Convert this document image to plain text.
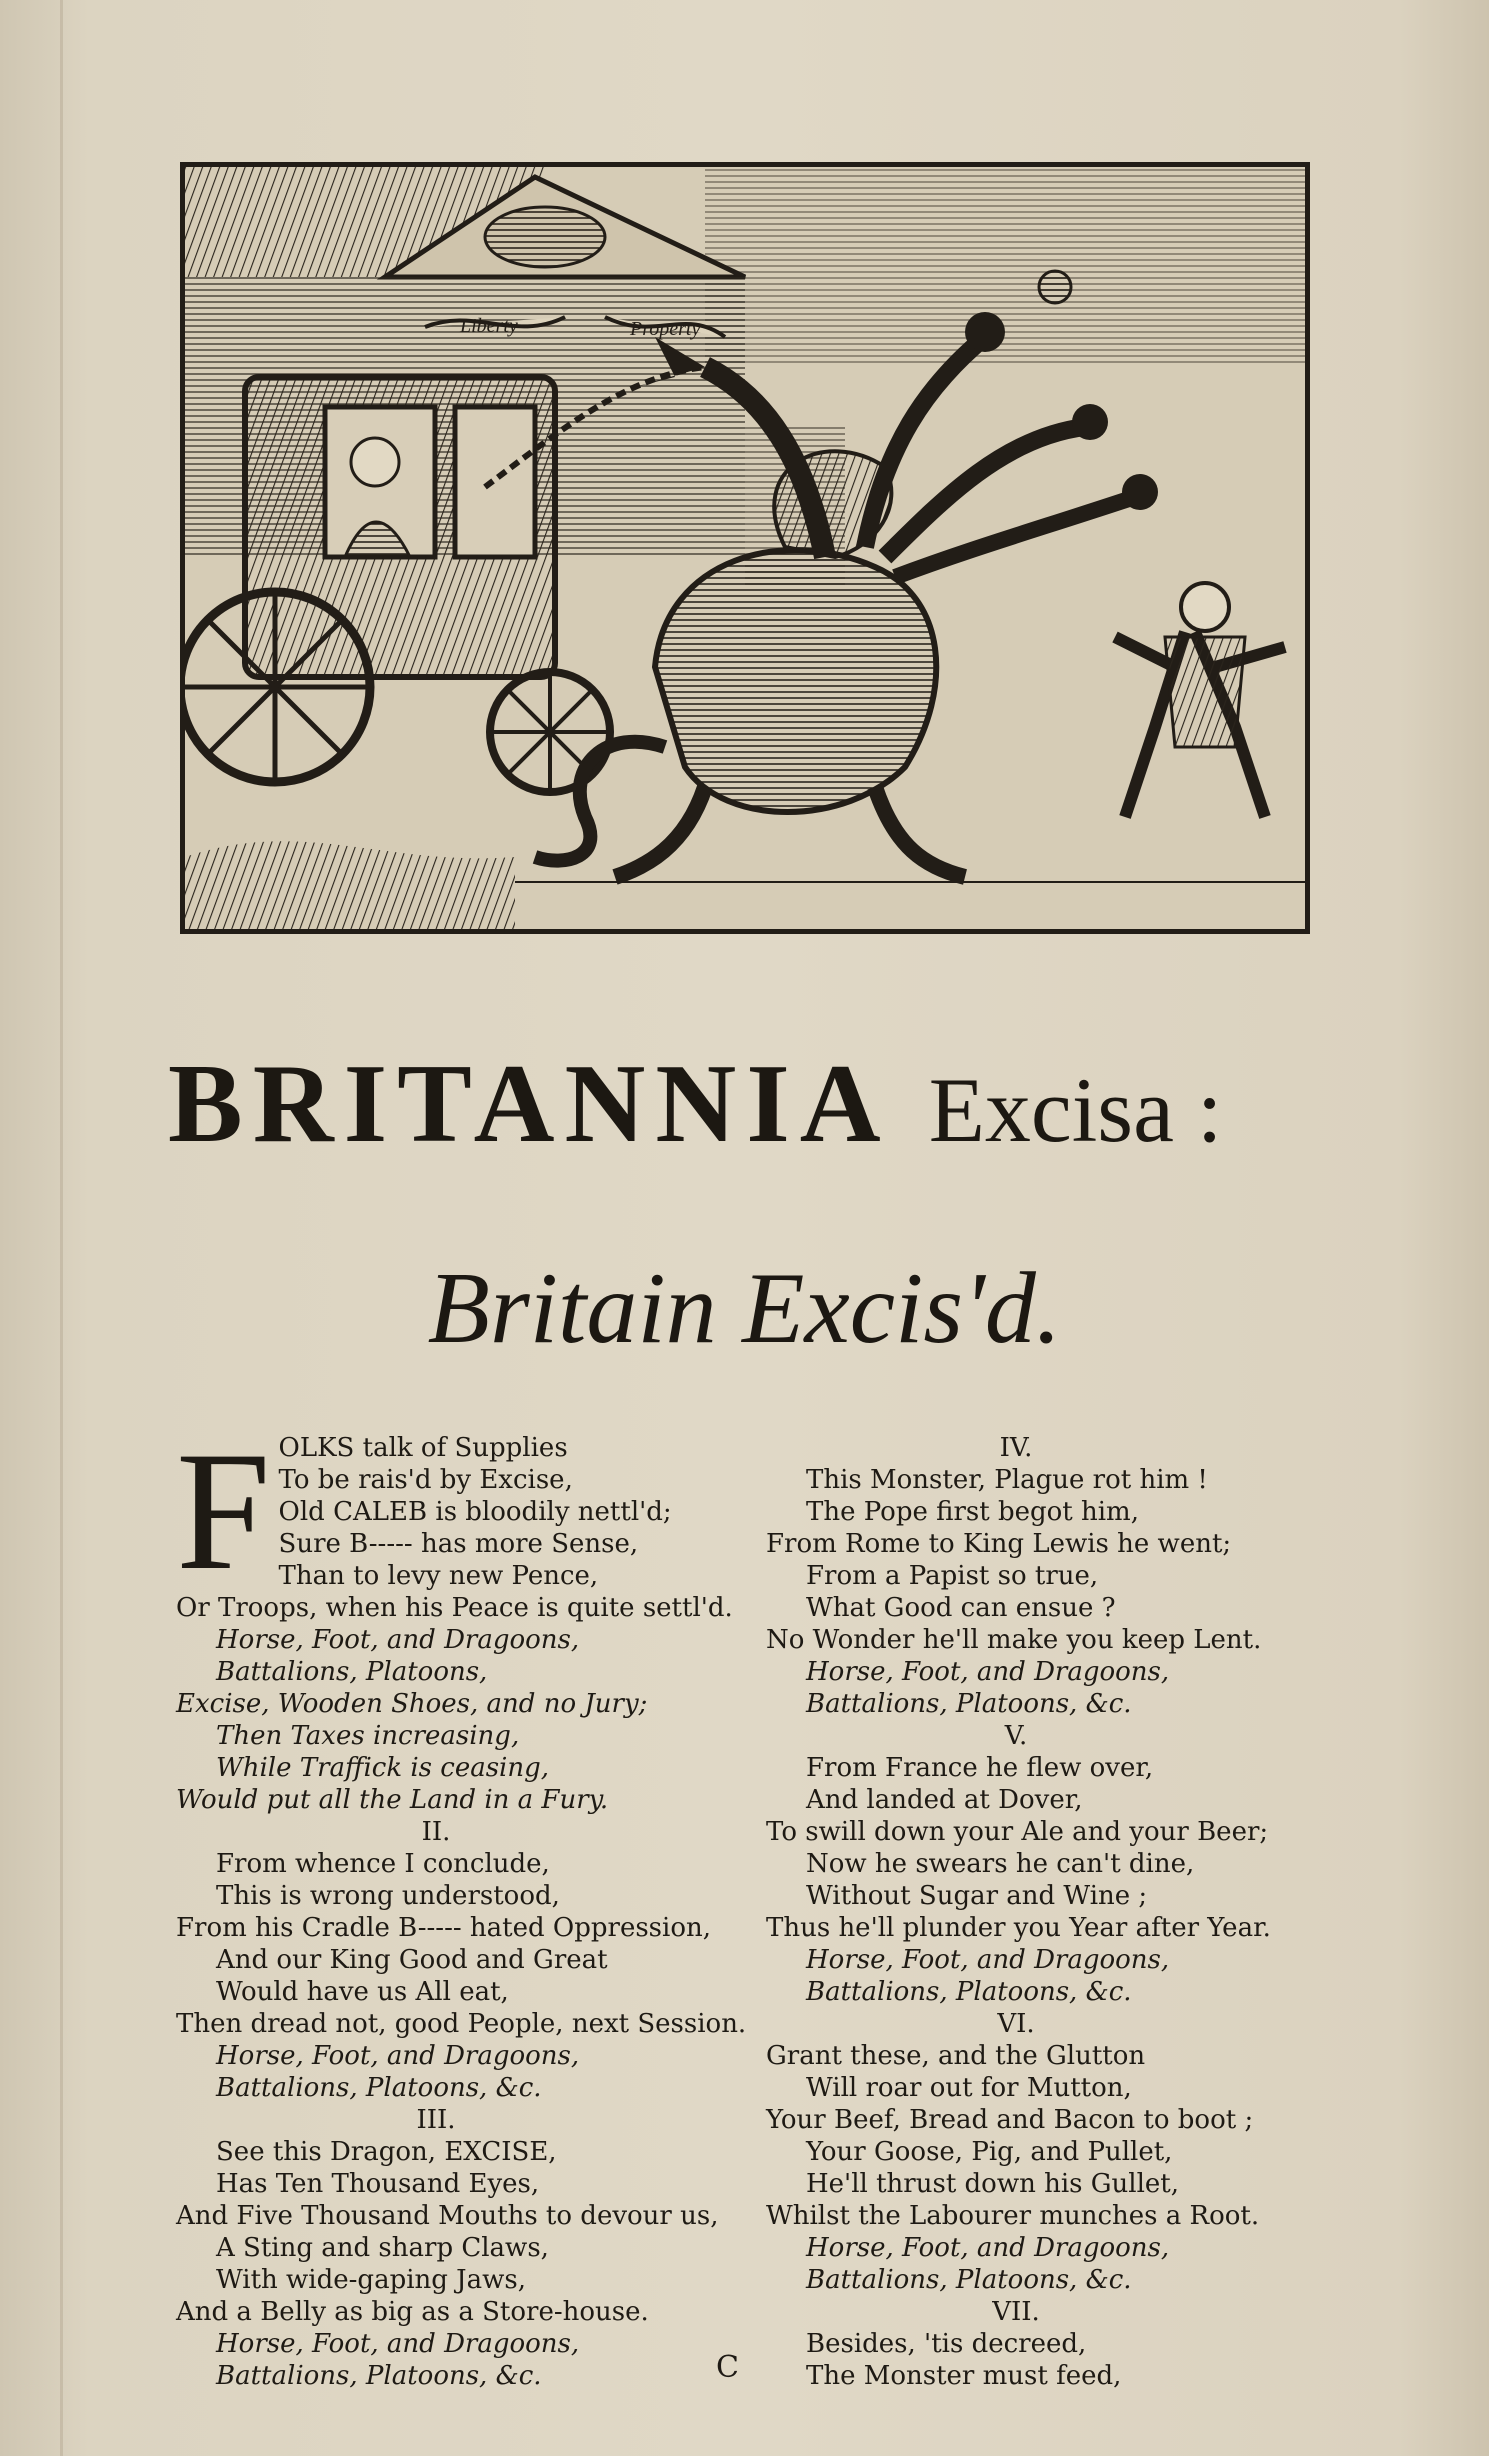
Liberty	Property
BRITANNIA Excisa :
Britain Excis'd.
F OLKS talk of Supplies
To be rais'd by Excise,
Old CALEB is bloodily nettl'd;
Sure B----- has more Sense,
Than to levy new Pence,
Or Troops, when his Peace is quite settl'd.
Horse, Foot, and Dragoons,
Battalions, Platoons,
Excise, Wooden Shoes, and no Jury;
Then Taxes increasing,
While Traffick is ceasing,
Would put all the Land in a Fury.
II.
From whence I conclude,
This is wrong understood,
From his Cradle B----- hated Oppression,
And our King Good and Great
Would have us All eat,
Then dread not, good People, next Session.
Horse, Foot, and Dragoons,
Battalions, Platoons, &c.
III.
See this Dragon, EXCISE,
Has Ten Thousand Eyes,
And Five Thousand Mouths to devour us,
A Sting and sharp Claws,
With wide-gaping Jaws,
And a Belly as big as a Store-house.
Horse, Foot, and Dragoons,
Battalions, Platoons, &c.
IV.
This Monster, Plague rot him !
The Pope first begot him,
From Rome to King Lewis he went;
From a Papist so true,
What Good can ensue ?
No Wonder he'll make you keep Lent.
Horse, Foot, and Dragoons,
Battalions, Platoons, &c.
V.
From France he flew over,
And landed at Dover,
To swill down your Ale and your Beer;
Now he swears he can't dine,
Without Sugar and Wine ;
Thus he'll plunder you Year after Year.
Horse, Foot, and Dragoons,
Battalions, Platoons, &c.
VI.
Grant these, and the Glutton
Will roar out for Mutton,
Your Beef, Bread and Bacon to boot ;
Your Goose, Pig, and Pullet,
He'll thrust down his Gullet,
Whilst the Labourer munches a Root.
Horse, Foot, and Dragoons,
Battalions, Platoons, &c.
VII.
Besides, 'tis decreed,
The Monster must feed,
C
